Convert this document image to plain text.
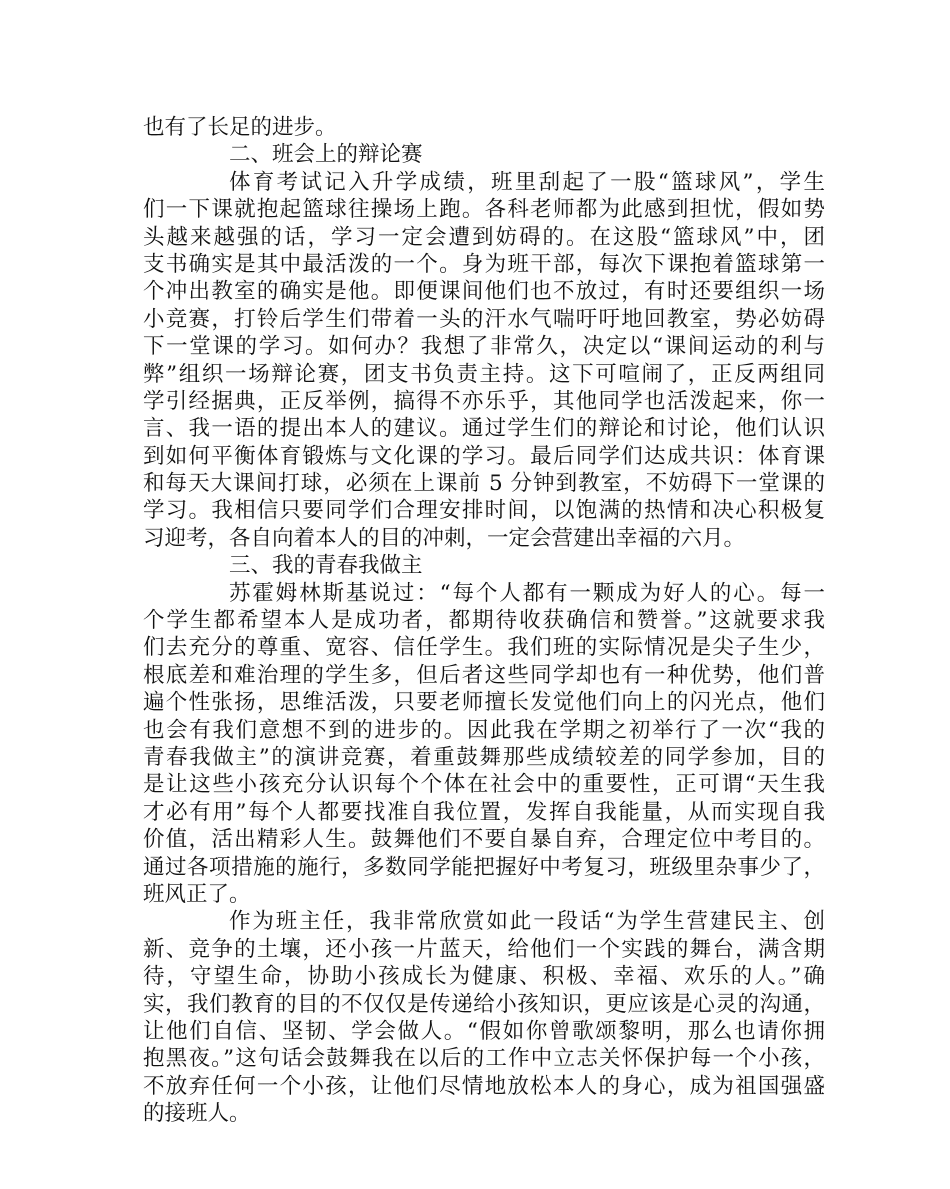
也有了长足的进步。
二、班会上的辩论赛
体育考试记入升学成绩，班里刮起了一股“篮球风”，学生
们一下课就抱起篮球往操场上跑。各科老师都为此感到担忧，假如势
头越来越强的话，学习一定会遭到妨碍的。在这股“篮球风”中，团
支书确实是其中最活泼的一个。身为班干部，每次下课抱着篮球第一
个冲出教室的确实是他。即便课间他们也不放过，有时还要组织一场
小竞赛，打铃后学生们带着一头的汗水气喘吁吁地回教室，势必妨碍
下一堂课的学习。如何办？我想了非常久，决定以“课间运动的利与
弊”组织一场辩论赛，团支书负责主持。这下可喧闹了，正反两组同
学引经据典，正反举例，搞得不亦乐乎，其他同学也活泼起来，你一
言、我一语的提出本人的建议。通过学生们的辩论和讨论，他们认识
到如何平衡体育锻炼与文化课的学习。最后同学们达成共识：体育课
和每天大课间打球，必须在上课前 5 分钟到教室，不妨碍下一堂课的
学习。我相信只要同学们合理安排时间，以饱满的热情和决心积极复
习迎考，各自向着本人的目的冲刺，一定会营建出幸福的六月。
三、我的青春我做主
苏霍姆林斯基说过：“每个人都有一颗成为好人的心。每一
个学生都希望本人是成功者，都期待收获确信和赞誉。”这就要求我
们去充分的尊重、宽容、信任学生。我们班的实际情况是尖子生少，
根底差和难治理的学生多，但后者这些同学却也有一种优势，他们普
遍个性张扬，思维活泼，只要老师擅长发觉他们向上的闪光点，他们
也会有我们意想不到的进步的。因此我在学期之初举行了一次“我的
青春我做主”的演讲竞赛，着重鼓舞那些成绩较差的同学参加，目的
是让这些小孩充分认识每个个体在社会中的重要性，正可谓“天生我
才必有用”每个人都要找准自我位置，发挥自我能量，从而实现自我
价值，活出精彩人生。鼓舞他们不要自暴自弃，合理定位中考目的。
通过各项措施的施行，多数同学能把握好中考复习，班级里杂事少了，
班风正了。
作为班主任，我非常欣赏如此一段话“为学生营建民主、创
新、竞争的土壤，还小孩一片蓝天，给他们一个实践的舞台，满含期
待，守望生命，协助小孩成长为健康、积极、幸福、欢乐的人。”确
实，我们教育的目的不仅仅是传递给小孩知识，更应该是心灵的沟通，
让他们自信、坚韧、学会做人。“假如你曾歌颂黎明，那么也请你拥
抱黑夜。”这句话会鼓舞我在以后的工作中立志关怀保护每一个小孩，
不放弃任何一个小孩，让他们尽情地放松本人的身心，成为祖国强盛
的接班人。
